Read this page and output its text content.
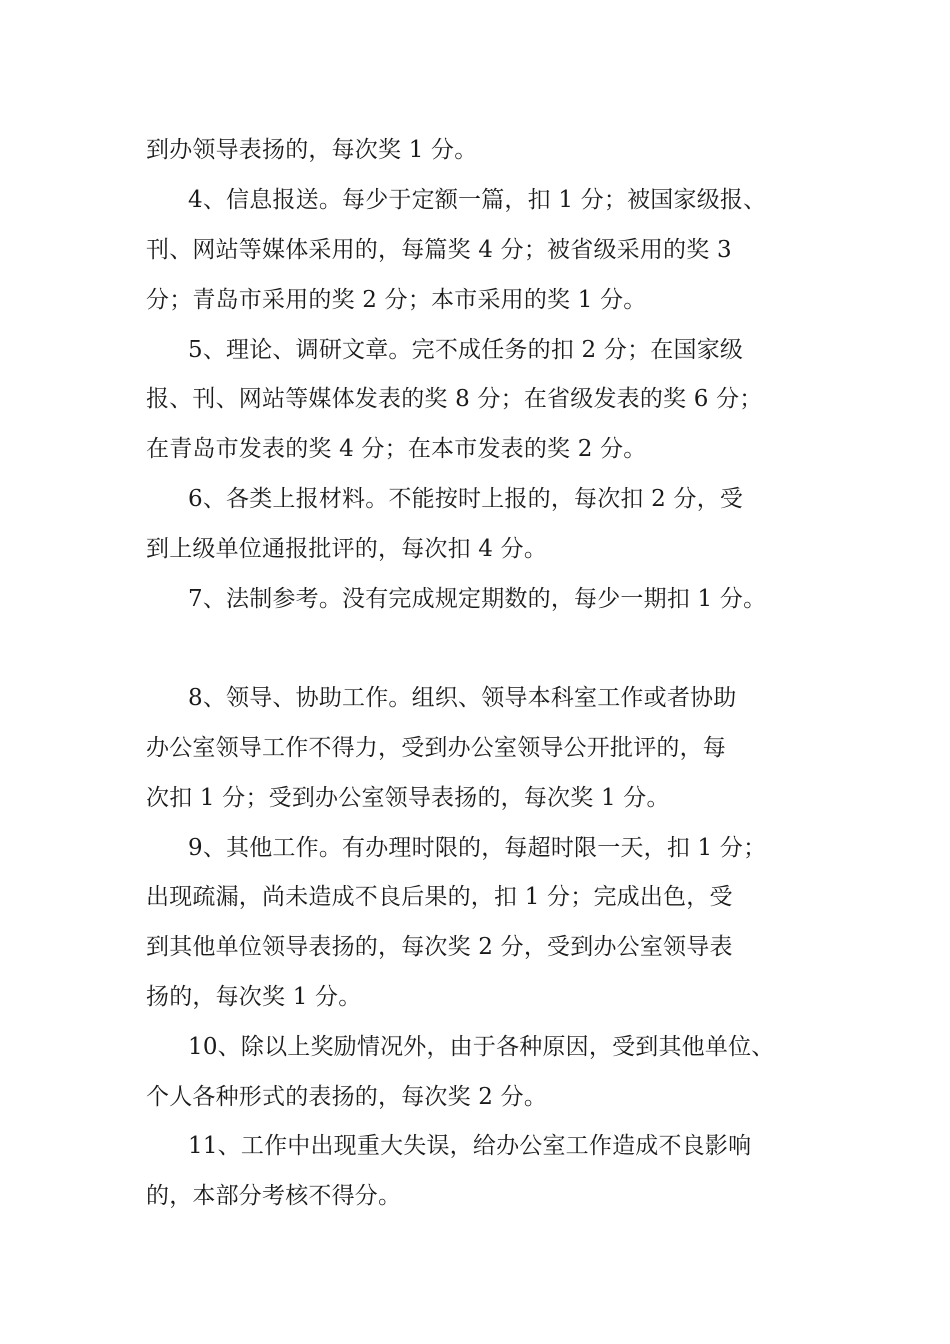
到办领导表扬的，每次奖 1 分。
4、信息报送。每少于定额一篇，扣 1 分；被国家级报、
刊、网站等媒体采用的，每篇奖 4 分；被省级采用的奖 3
分；青岛市采用的奖 2 分；本市采用的奖 1 分。
5、理论、调研文章。完不成任务的扣 2 分；在国家级
报、刊、网站等媒体发表的奖 8 分；在省级发表的奖 6 分；
在青岛市发表的奖 4 分；在本市发表的奖 2 分。
6、各类上报材料。不能按时上报的，每次扣 2 分，受
到上级单位通报批评的，每次扣 4 分。
7、法制参考。没有完成规定期数的，每少一期扣 1 分。
8、领导、协助工作。组织、领导本科室工作或者协助
办公室领导工作不得力，受到办公室领导公开批评的，每
次扣 1 分；受到办公室领导表扬的，每次奖 1 分。
9、其他工作。有办理时限的，每超时限一天，扣 1 分；
出现疏漏，尚未造成不良后果的，扣 1 分；完成出色，受
到其他单位领导表扬的，每次奖 2 分，受到办公室领导表
扬的，每次奖 1 分。
10、除以上奖励情况外，由于各种原因，受到其他单位、
个人各种形式的表扬的，每次奖 2 分。
11、工作中出现重大失误，给办公室工作造成不良影响
的，本部分考核不得分。
